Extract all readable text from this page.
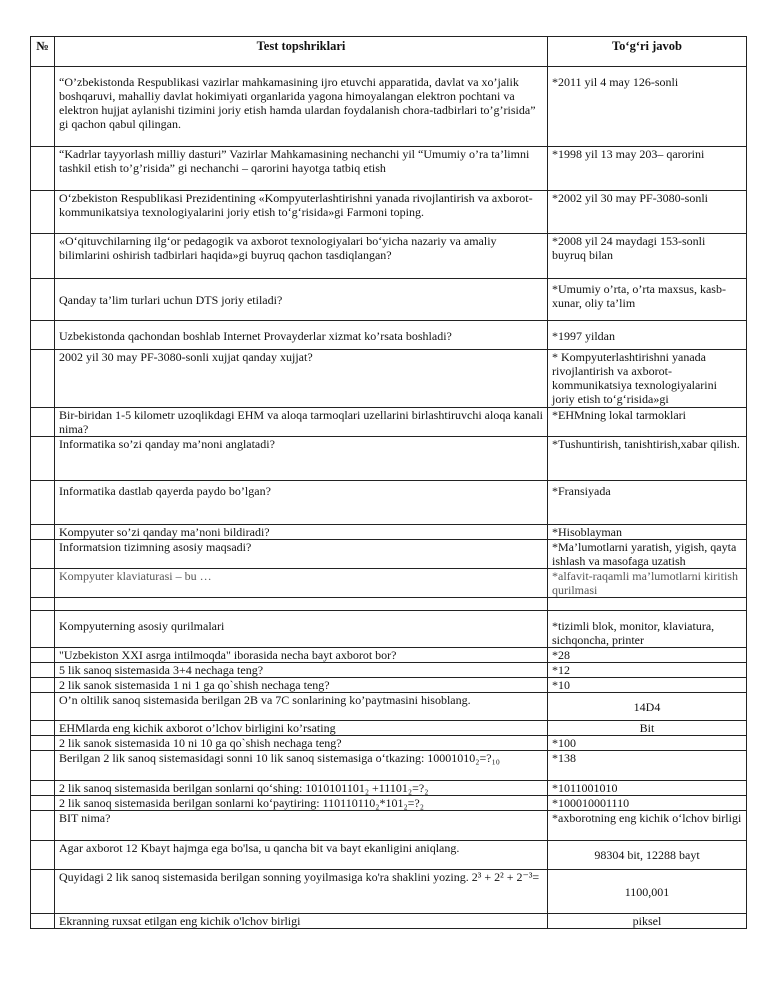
№	Test topshriklari	To‘g‘ri javob
	“O’zbekistonda Respublikasi vazirlar mahkamasining ijro etuvchi apparatida, davlat va xo’jalik boshqaruvi, mahalliy davlat hokimiyati organlarida yagona himoyalangan elektron pochtani va elektron hujjat aylanishi tizimini joriy etish hamda ulardan foydalanish chora-tadbirlari to’g’risida” gi qachon qabul qilingan.	*2011 yil 4 may 126-sonli
	“Kadrlar tayyorlash milliy dasturi” Vazirlar Mahkamasining nechanchi yil “Umumiy o’ra ta’limni tashkil etish to’g’risida” gi nechanchi – qarorini hayotga tatbiq etish	*1998 yil 13 may 203– qarorini
	O‘zbekiston Respublikasi Prezidentining «Kompyuterlashtirishni yanada rivojlantirish va axborot-kommunikatsiya texnologiyalarini joriy etish to‘g‘risida»gi Farmoni toping.	*2002 yil 30 may PF-3080-sonli
	«O‘qituvchilarning ilg‘or pedagogik va axborot texnologiyalari bo‘yicha nazariy va amaliy bilimlarini oshirish tadbirlari haqida»gi buyruq qachon tasdiqlangan?	*2008 yil 24 maydagi 153-sonli buyruq bilan
	Qanday ta’lim turlari uchun DTS joriy etiladi?	*Umumiy o’rta, o’rta maxsus, kasb-xunar, oliy ta’lim
	Uzbekistonda qachondan boshlab Internet Provayderlar xizmat ko’rsata boshladi?	*1997 yildan
	2002 yil 30 may PF-3080-sonli xujjat qanday xujjat?	* Kompyuterlashtirishni yanada rivojlantirish va axborot-kommunikatsiya texnologiyalarini joriy etish to‘g‘risida»gi
	Bir-biridan 1-5 kilometr uzoqlikdagi EHM va aloqa tarmoqlari uzellarini birlashtiruvchi aloqa kanali nima?	*EHMning lokal tarmoklari
	Informatika so’zi qanday ma’noni anglatadi?	*Tushuntirish, tanishtirish,xabar qilish.
	Informatika dastlab qayerda paydo bo’lgan?	*Fransiyada
	Kompyuter so’zi qanday ma’noni bildiradi?	*Hisoblayman
	Informatsion tizimning asosiy maqsadi?	*Ma’lumotlarni yaratish, yigish, qayta ishlash va masofaga uzatish
	Kompyuter klaviaturasi – bu …	*alfavit-raqamli ma’lumotlarni kiritish qurilmasi

	Kompyuterning asosiy qurilmalari	*tizimli blok, monitor, klaviatura, sichqoncha, printer
	"Uzbekiston XXI asrga intilmoqda" iborasida necha bayt axborot bor?	*28
	5 lik sanoq sistemasida 3+4 nechaga teng?	*12
	2 lik sanok sistemasida 1 ni 1 ga qo`shish nechaga teng?	*10
	O’n oltilik sanoq sistemasida berilgan 2B va 7C sonlarining ko’paytmasini hisoblang.	14D4
	EHMlarda eng kichik axborot o’lchov birligini ko’rsating	Bit
	2 lik sanok sistemasida 10 ni 10 ga qo`shish nechaga teng?	*100
	Berilgan 2 lik sanoq sistemasidagi sonni 10 lik sanoq sistemasiga o‘tkazing: 10001010₂=?₁₀	*138
	2 lik sanoq sistemasida berilgan sonlarni qo‘shing: 1010101101₂ +11101₂=?₂	*1011001010
	2 lik sanoq sistemasida berilgan sonlarni ko‘paytiring: 110110110₂*101₂=?₂	*100010001110
	BIT nima?	*axborotning eng kichik o‘lchov birligi
	Agar axborot 12 Kbayt hajmga ega bo'lsa, u qancha bit va bayt ekanligini aniqlang.	98304 bit, 12288 bayt
	Quyidagi 2 lik sanoq sistemasida berilgan sonning yoyilmasiga ko'ra shaklini yozing. 2³ + 2² + 2⁻³=	1100,001
	Ekranning ruxsat etilgan eng kichik o'lchov birligi	piksel
